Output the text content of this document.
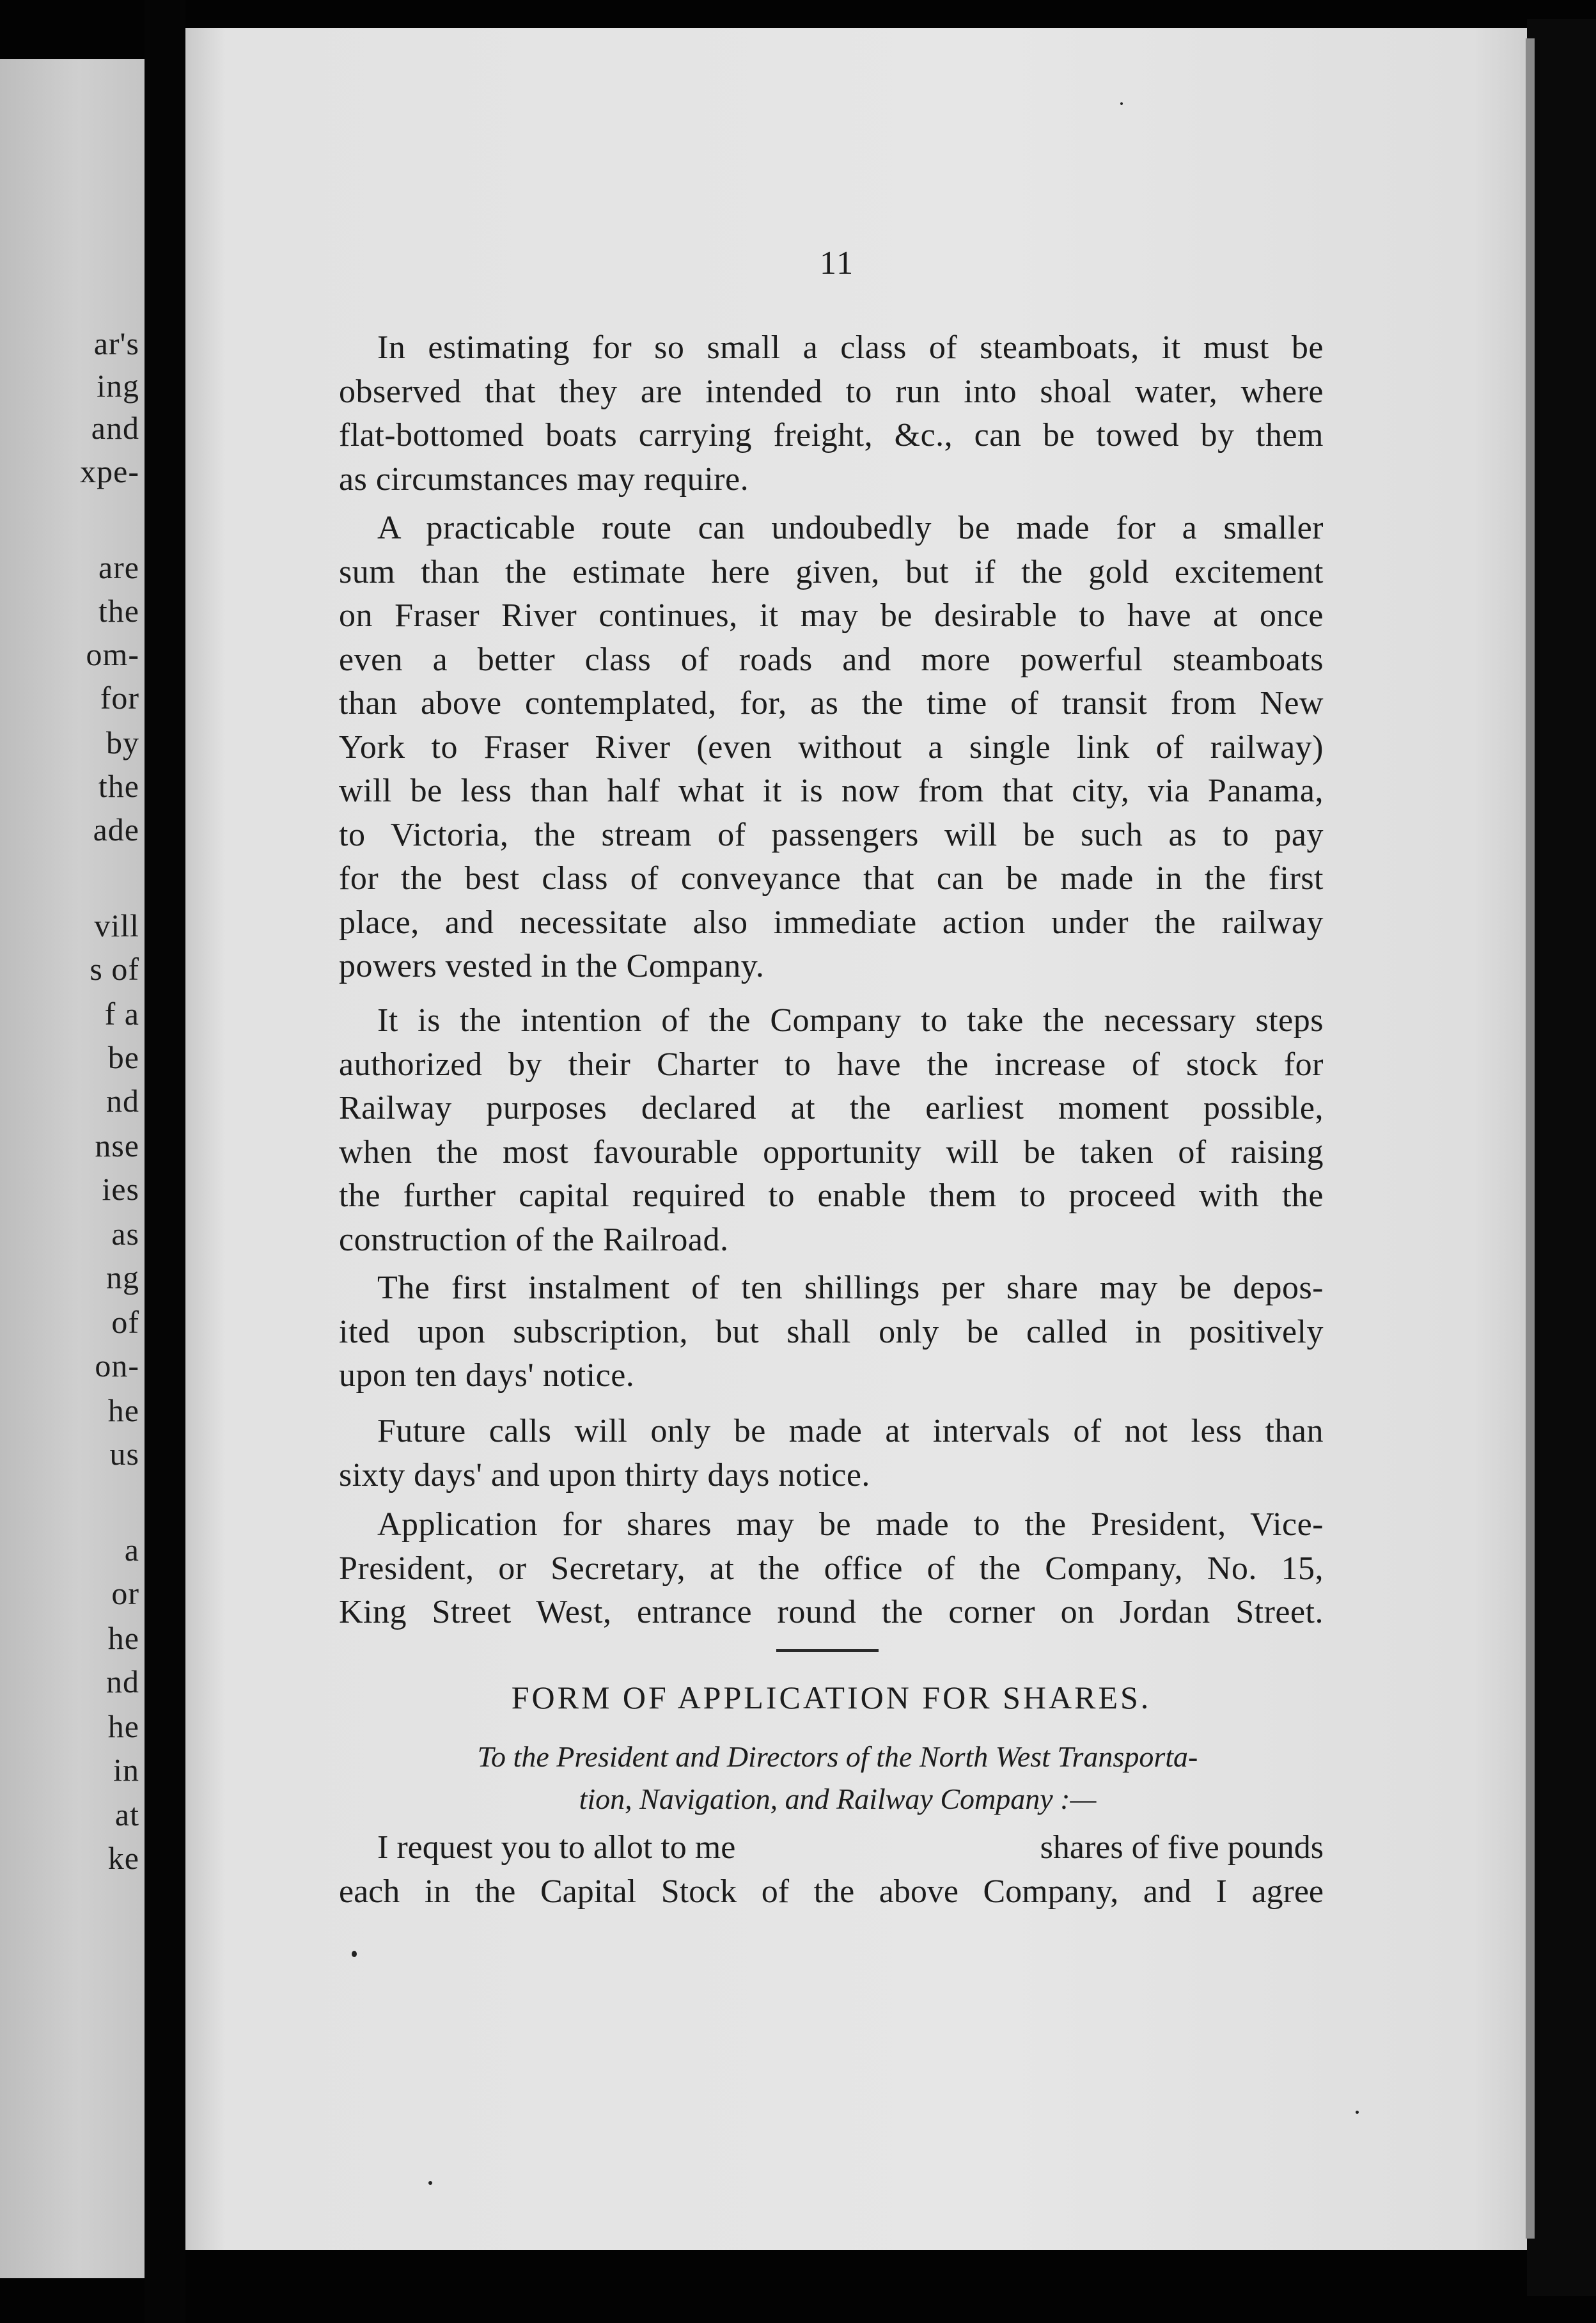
ar's
ing
and
xpe-
are
the
om-
for
by
the
ade
vill
s of
f a
be
nd
nse
ies
as
ng
of
on-
he
us
a
or
he
nd
he
in
at
ke
11
In estimating for so small a class of steamboats, it must be
observed that they are intended to run into shoal water, where
flat-bottomed boats carrying freight, &c., can be towed by them
as circumstances may require.
A practicable route can undoubedly be made for a smaller
sum than the estimate here given, but if the gold excitement
on Fraser River continues, it may be desirable to have at once
even a better class of roads and more powerful steamboats
than above contemplated, for, as the time of transit from New
York to Fraser River (even without a single link of railway)
will be less than half what it is now from that city, via Panama,
to Victoria, the stream of passengers will be such as to pay
for the best class of conveyance that can be made in the first
place, and necessitate also immediate action under the railway
powers vested in the Company.
It is the intention of the Company to take the necessary steps
authorized by their Charter to have the increase of stock for
Railway purposes declared at the earliest moment possible,
when the most favourable opportunity will be taken of raising
the further capital required to enable them to proceed with the
construction of the Railroad.
The first instalment of ten shillings per share may be depos-
ited upon subscription, but shall only be called in positively
upon ten days' notice.
Future calls will only be made at intervals of not less than
sixty days' and upon thirty days notice.
Application for shares may be made to the President, Vice-
President, or Secretary, at the office of the Company, No. 15,
King Street West, entrance round the corner on Jordan Street.
FORM OF APPLICATION FOR SHARES.
To the President and Directors of the North West Transporta-
tion, Navigation, and Railway Company :—
I request you to allot to me	shares of five pounds
each in the Capital Stock of the above Company, and I agree
